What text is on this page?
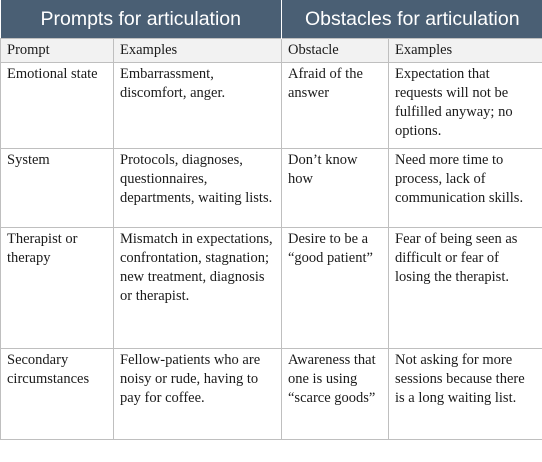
Prompts for articulation		Obstacles for articulation	
Prompt	Examples	Obstacle	Examples
Emotional state	Embarrassment, discomfort, anger.	Afraid of the answer	Expectation that requests will not be fulfilled anyway; no options.
System	Protocols, diagnoses, questionnaires, departments, waiting lists.	Don’t know how	Need more time to process, lack of communication skills.
Therapist or therapy	Mismatch in expectations, confrontation, stagnation; new treatment, diagnosis or therapist.	Desire to be a “good patient”	Fear of being seen as difficult or fear of losing the therapist.
Secondary circumstances	Fellow-patients who are noisy or rude, having to pay for coffee.	Awareness that one is using “scarce goods”	Not asking for more sessions because there is a long waiting list.
